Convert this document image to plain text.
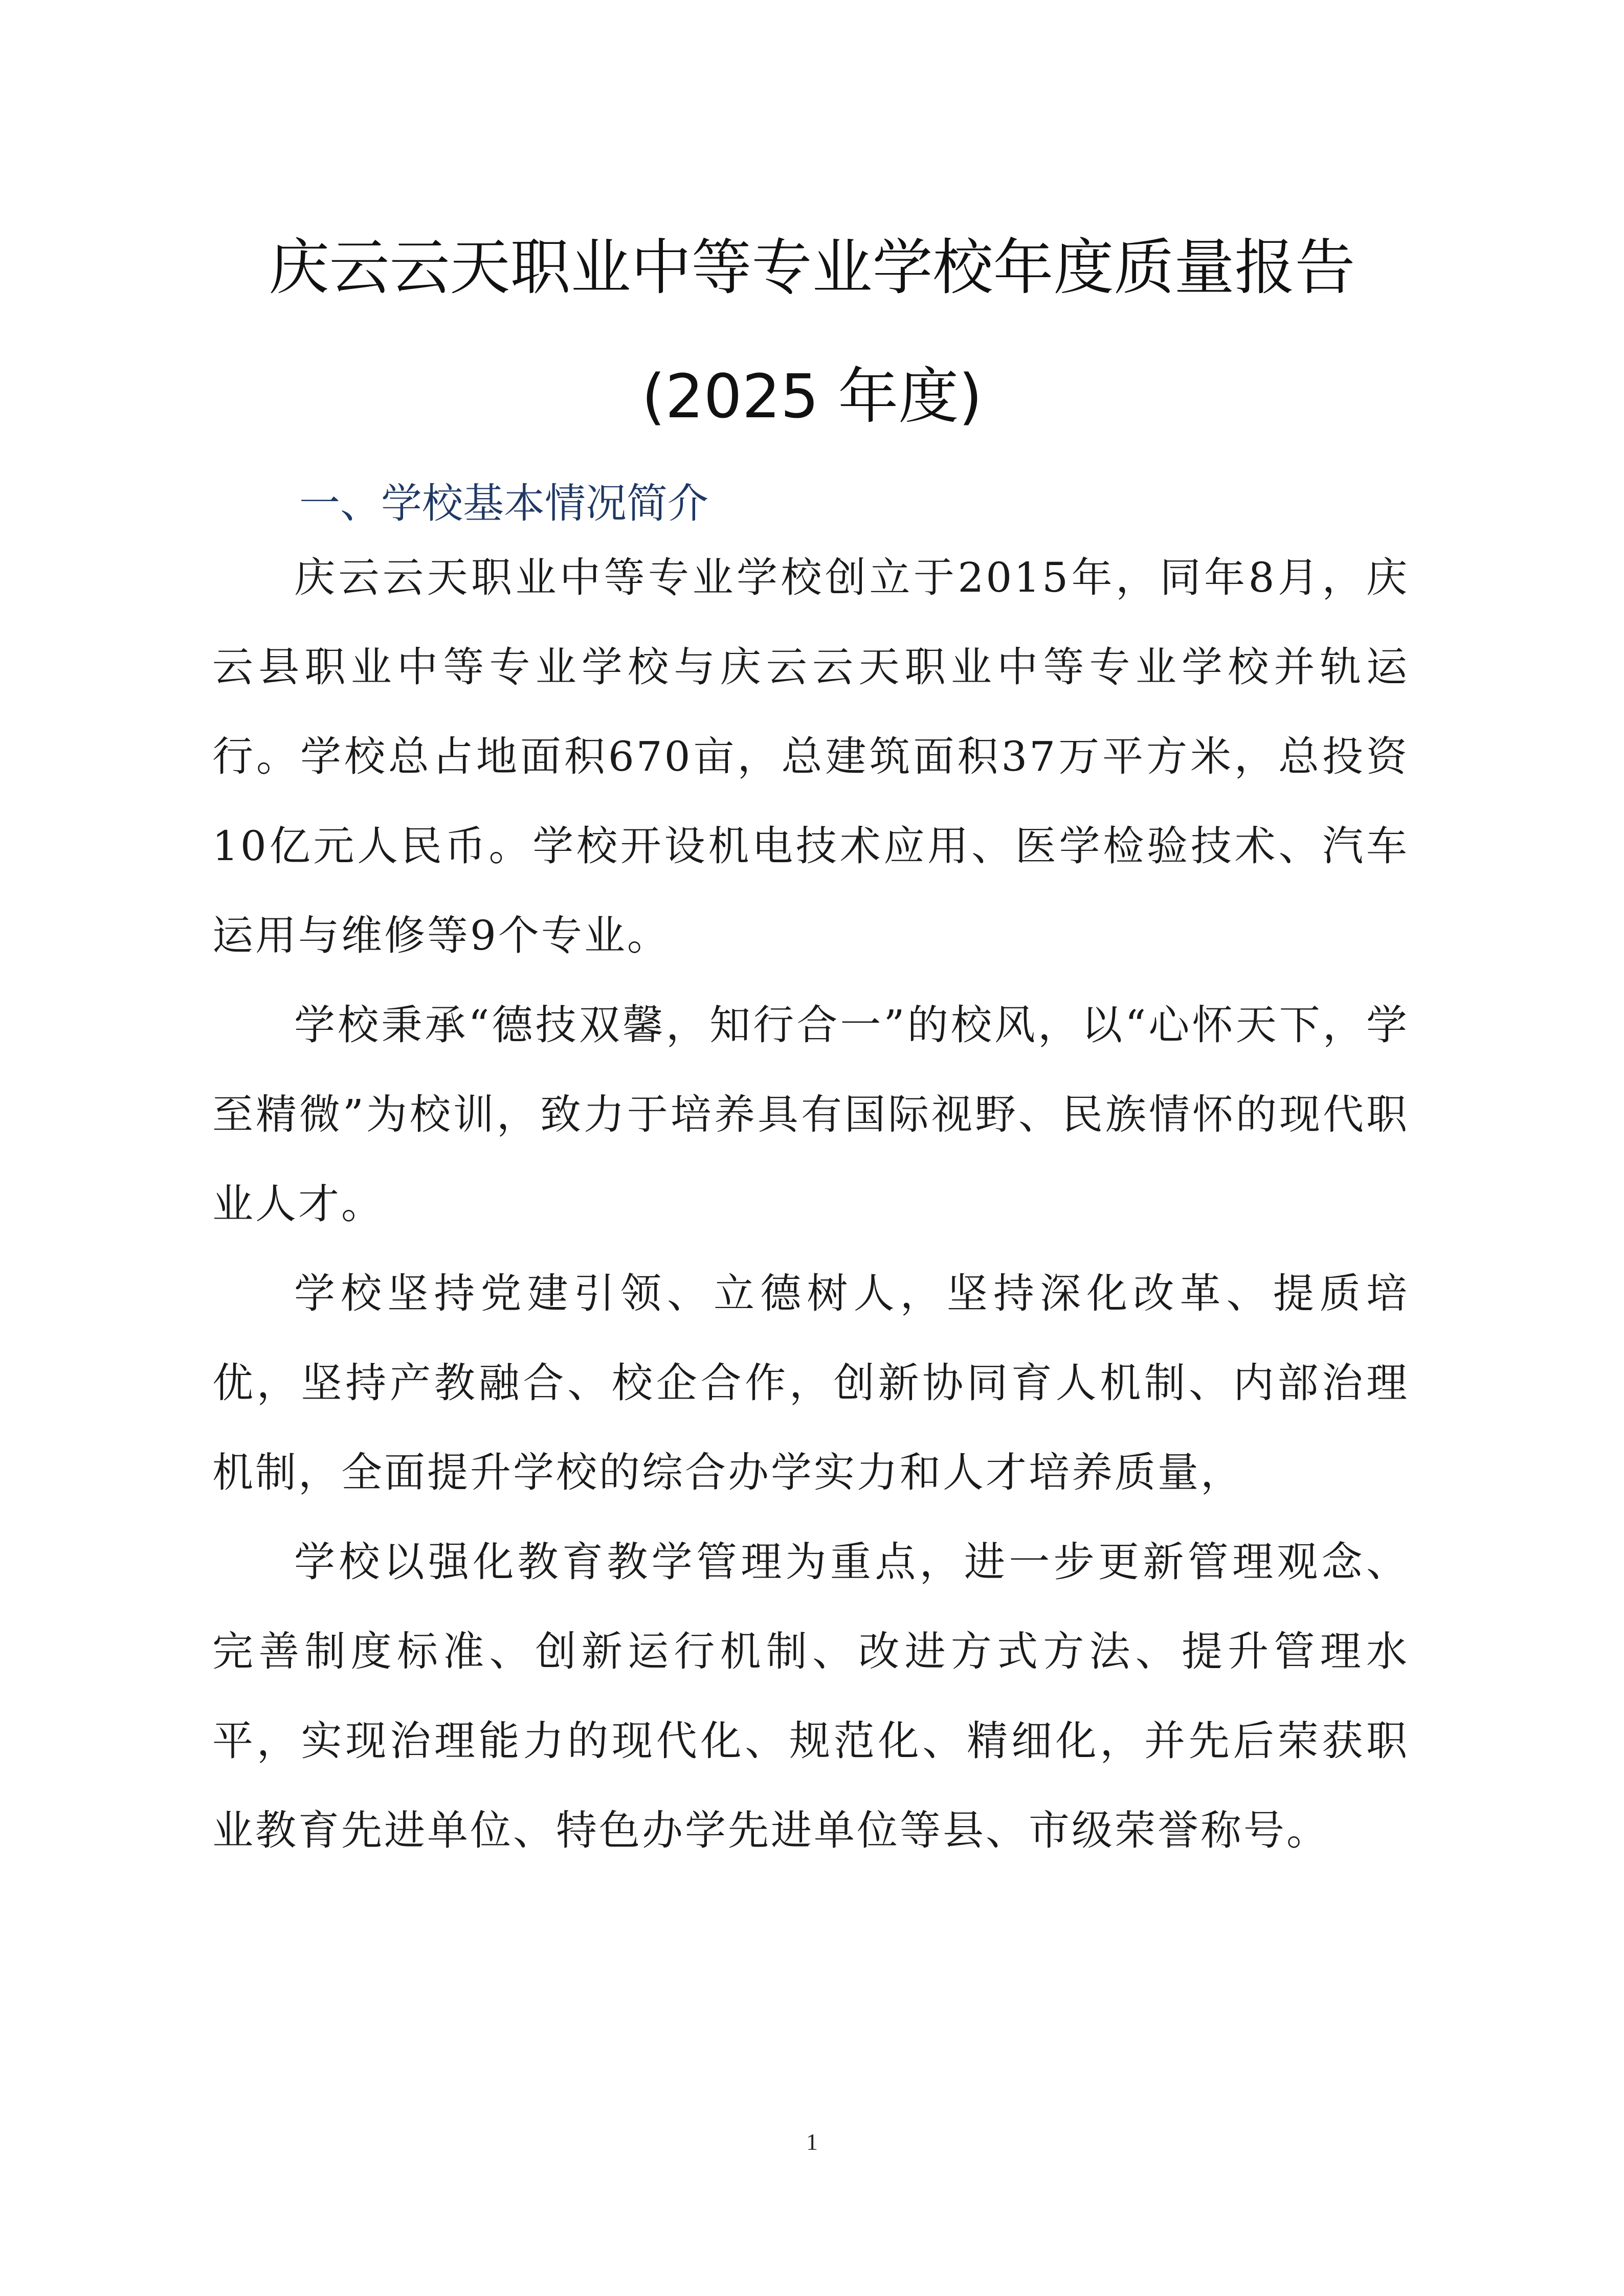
庆云云天职业中等专业学校年度质量报告
(2025 年度)
一、学校基本情况简介

庆云云天职业中等专业学校创立于2015年，同年8月，庆云县职业中等专业学校与庆云云天职业中等专业学校并轨运行。学校总占地面积670亩，总建筑面积37万平方米，总投资10亿元人民币。学校开设机电技术应用、医学检验技术、汽车运用与维修等9个专业。

学校秉承“德技双馨，知行合一”的校风，以“心怀天下，学至精微”为校训，致力于培养具有国际视野、民族情怀的现代职业人才。

学校坚持党建引领、立德树人，坚持深化改革、提质培优，坚持产教融合、校企合作，创新协同育人机制、内部治理机制，全面提升学校的综合办学实力和人才培养质量，

学校以强化教育教学管理为重点，进一步更新管理观念、完善制度标准、创新运行机制、改进方式方法、提升管理水平，实现治理能力的现代化、规范化、精细化，并先后荣获职业教育先进单位、特色办学先进单位等县、市级荣誉称号。

1
